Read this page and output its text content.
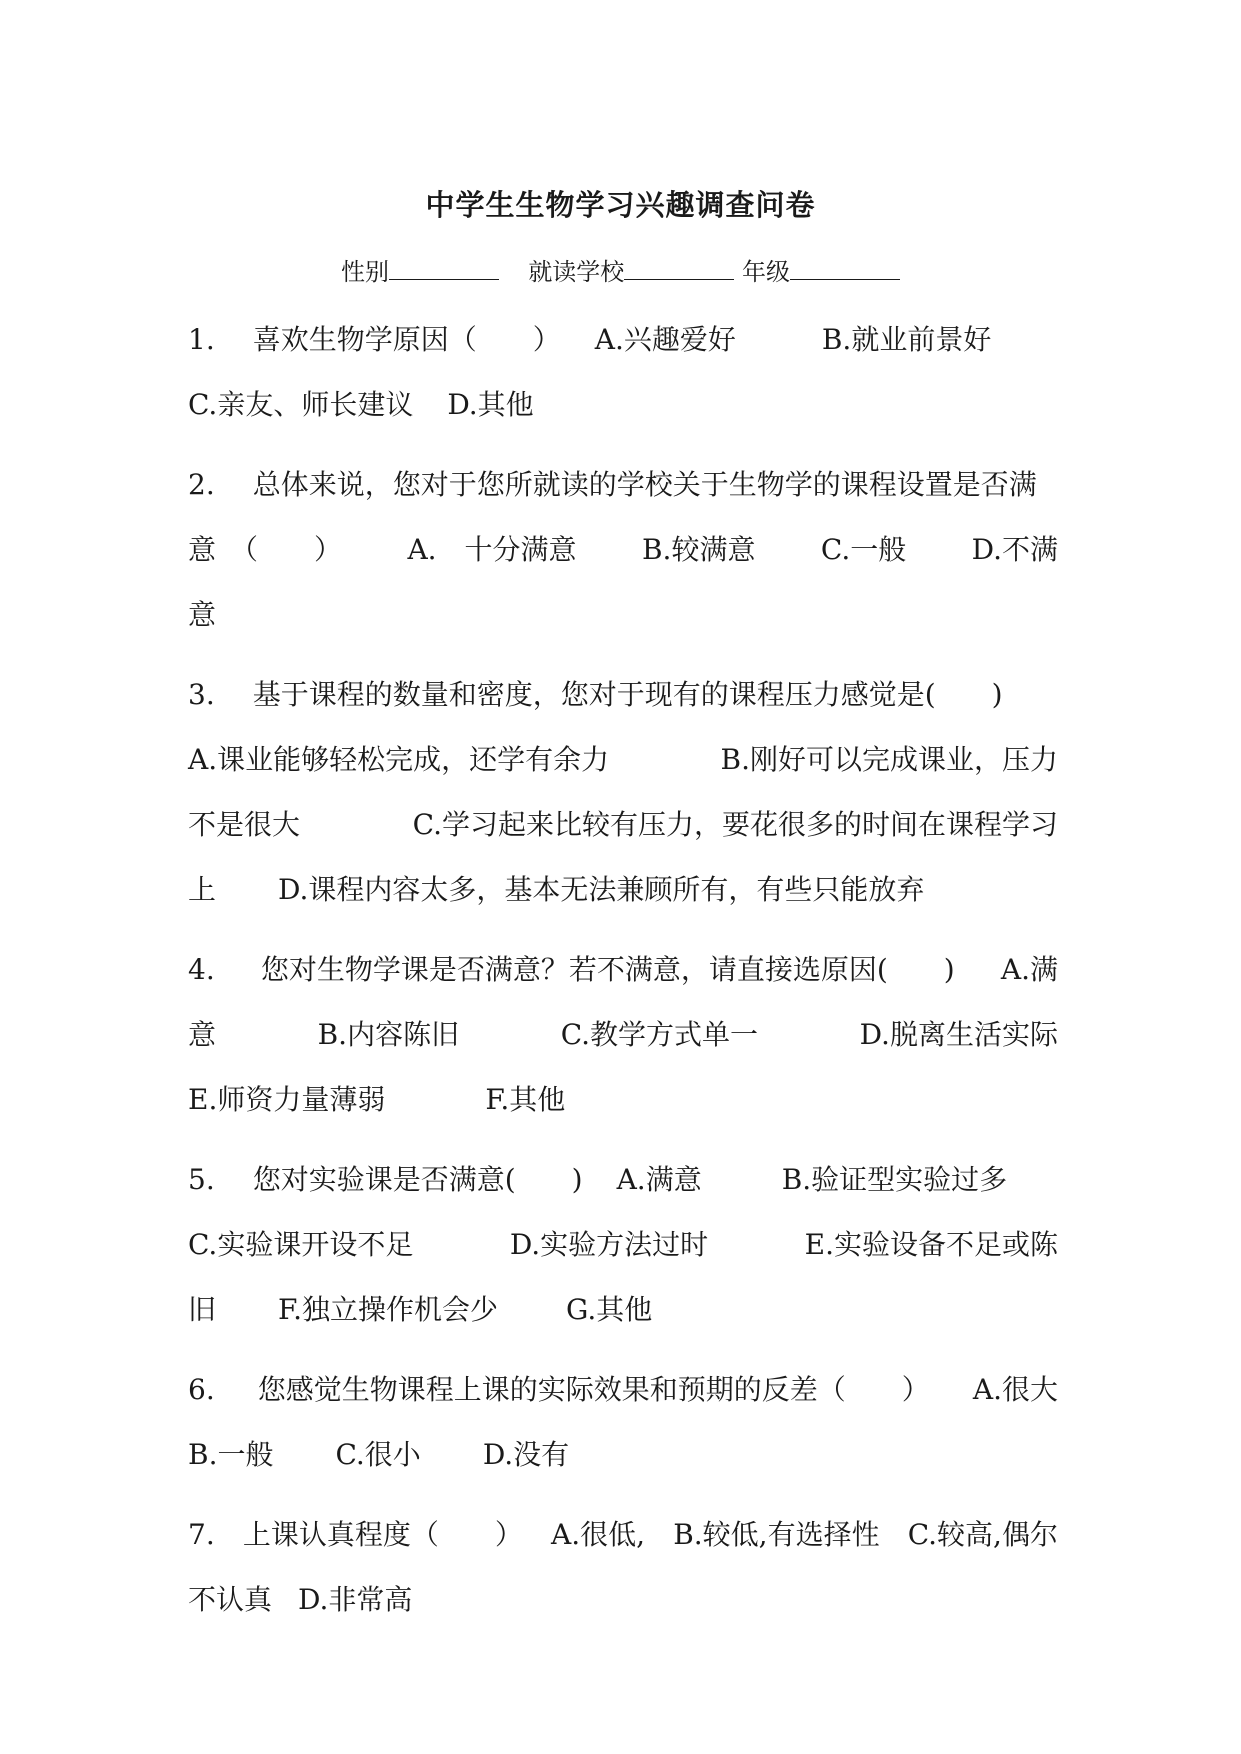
中学生生物学习兴趣调查问卷
性别	就读学校	年级
1. 喜欢生物学原因（　　） A.兴趣爱好	B.就业前景好
C.亲友、师长建议 D.其他
2. 总体来说，您对于您所就读的学校关于生物学的课程设置是否满
意　（　　） A.　十分满意 B.较满意 C.一般 D.不满
意
3. 基于课程的数量和密度，您对于现有的课程压力感觉是(　　)
A.课业能够轻松完成，还学有余力	B.刚好可以完成课业，压力
不是很大	C.学习起来比较有压力，要花很多的时间在课程学习
上 D.课程内容太多，基本无法兼顾所有，有些只能放弃
4. 您对生物学课是否满意？若不满意，请直接选原因(　　) A.满
意	B.内容陈旧	C.教学方式单一	D.脱离生活实际
E.师资力量薄弱	F.其他
5. 您对实验课是否满意(　　) A.满意	B.验证型实验过多
C.实验课开设不足	D.实验方法过时	E.实验设备不足或陈
旧 F.独立操作机会少 G.其他
6. 您感觉生物课程上课的实际效果和预期的反差（　　） A.很大
B.一般 C.很小 D.没有
7. 上课认真程度（　　） A.很低, B.较低,有选择性 C.较高,偶尔
不认真 D.非常高
